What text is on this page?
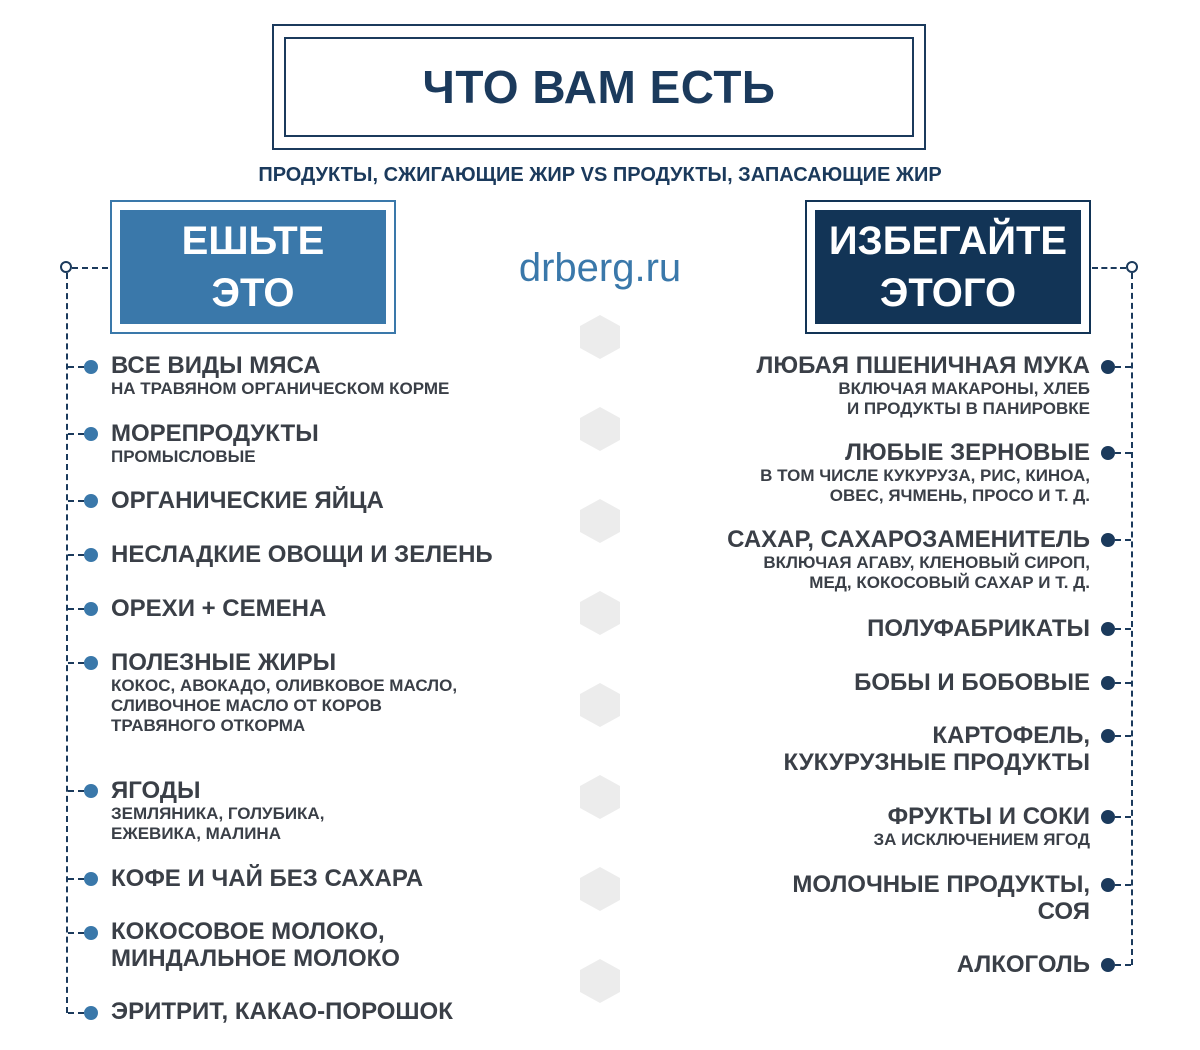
ЧТО ВАМ ЕСТЬ
ПРОДУКТЫ, СЖИГАЮЩИЕ ЖИР VS ПРОДУКТЫ, ЗАПАСАЮЩИЕ ЖИР
ЕШЬТЕ
ЭТО
ИЗБЕГАЙТЕ
ЭТОГО
drberg.ru
ВСЕ ВИДЫ МЯСА
НА ТРАВЯНОМ ОРГАНИЧЕСКОМ КОРМЕ
МОРЕПРОДУКТЫ
ПРОМЫСЛОВЫЕ
ОРГАНИЧЕСКИЕ ЯЙЦА
НЕСЛАДКИЕ ОВОЩИ И ЗЕЛЕНЬ
ОРЕХИ + СЕМЕНА
ПОЛЕЗНЫЕ ЖИРЫ
КОКОС, АВОКАДО, ОЛИВКОВОЕ МАСЛО,
СЛИВОЧНОЕ МАСЛО ОТ КОРОВ
ТРАВЯНОГО ОТКОРМА
ЯГОДЫ
ЗЕМЛЯНИКА, ГОЛУБИКА,
ЕЖЕВИКА, МАЛИНА
КОФЕ И ЧАЙ БЕЗ САХАРА
КОКОСОВОЕ МОЛОКО,
МИНДАЛЬНОЕ МОЛОКО
ЭРИТРИТ, КАКАО-ПОРОШОК
ЛЮБАЯ ПШЕНИЧНАЯ МУКА
ВКЛЮЧАЯ МАКАРОНЫ, ХЛЕБ
И ПРОДУКТЫ В ПАНИРОВКЕ
ЛЮБЫЕ ЗЕРНОВЫЕ
В ТОМ ЧИСЛЕ КУКУРУЗА, РИС, КИНОА,
ОВЕС, ЯЧМЕНЬ, ПРОСО И Т. Д.
САХАР, САХАРОЗАМЕНИТЕЛЬ
ВКЛЮЧАЯ АГАВУ, КЛЕНОВЫЙ СИРОП,
МЕД, КОКОСОВЫЙ САХАР И Т. Д.
ПОЛУФАБРИКАТЫ
БОБЫ И БОБОВЫЕ
КАРТОФЕЛЬ,
КУКУРУЗНЫЕ ПРОДУКТЫ
ФРУКТЫ И СОКИ
ЗА ИСКЛЮЧЕНИЕМ ЯГОД
МОЛОЧНЫЕ ПРОДУКТЫ,
СОЯ
АЛКОГОЛЬ
